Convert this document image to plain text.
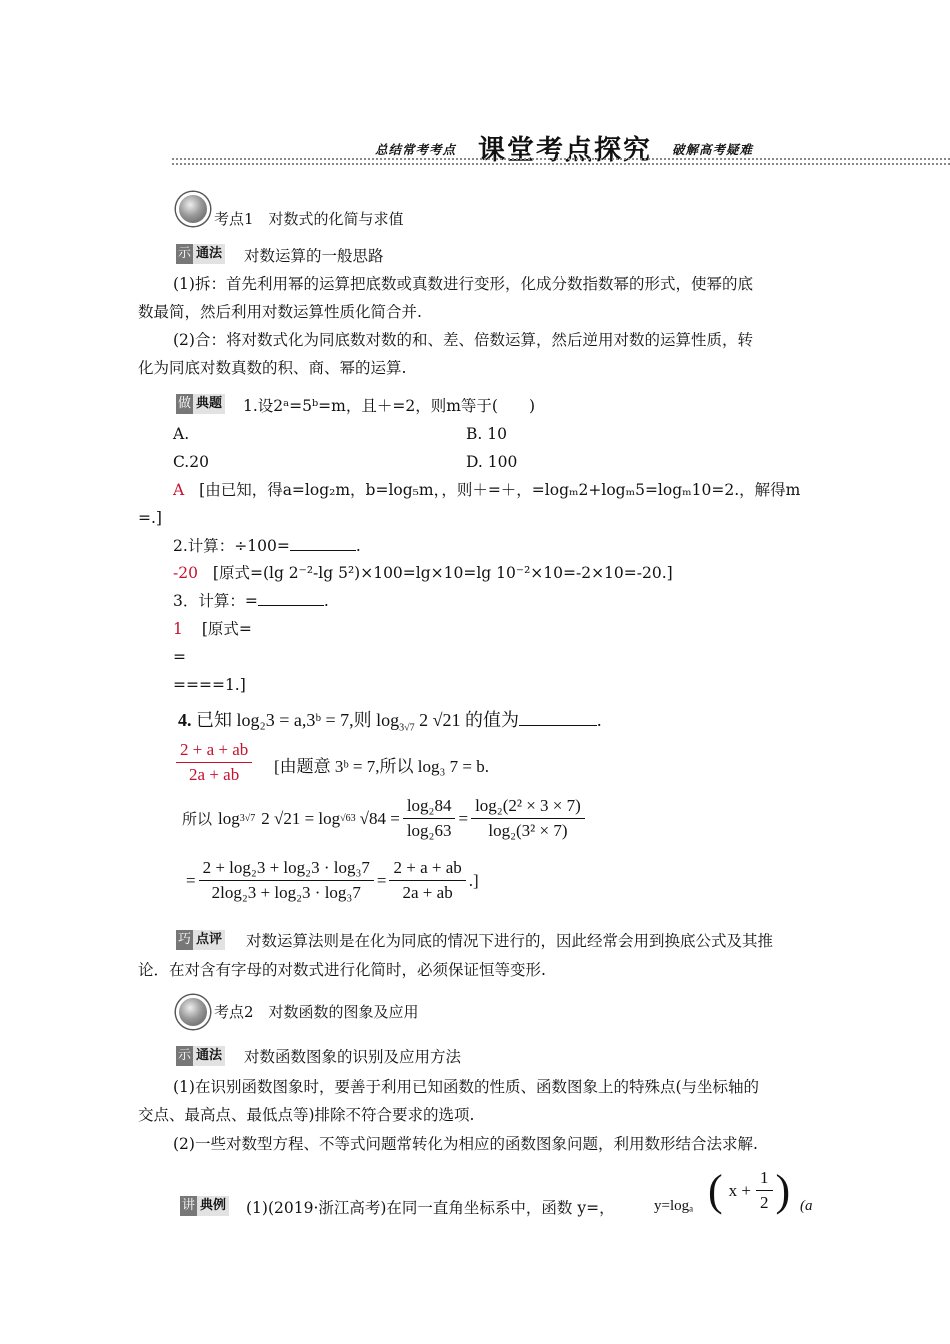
总结常考考点 课堂考点探究 破解高考疑难
考点1　对数式的化简与求值
示 通法 对数运算的一般思路
(1)拆：首先利用幂的运算把底数或真数进行变形，化成分数指数幂的形式，使幂的底
数最简，然后利用对数运算性质化简合并.
(2)合：将对数式化为同底数对数的和、差、倍数运算，然后逆用对数的运算性质，转
化为同底对数真数的积、商、幂的运算.
做 典题 1.设2ᵃ=5ᵇ=m，且＋=2，则m等于(　　)
A.	B. 10
C.20	D. 100
A [由已知，得a=log₂m，b=log₅m，，则＋=＋，=logₘ2+logₘ5=logₘ10=2.，解得m
=.]
2.计算：÷100=	.
-20 [原式=(lg 2⁻²-lg 5²)×100=lg×10=lg 10⁻²×10=-2×10=-20.]
3．计算：=	.
1 [原式=
=
====1.]
4. 已知 log₂3 = a,3ᵇ = 7,则 $\log_{3√7} 2$ √21 的值为	.
$\frac{2 + a + ab}{2a + ab}$ [由题意 3ᵇ = 7,所以 log₃ 7 = b.
所以 log 3√7 2 √21 = log √63 $√84 = \frac{\text{log₂84}}{\text{log₂63}} = \frac{\text{log₂(2² × 3 × 7)}}{\text{log₂(3² × 7)}}$
= $\frac{\text{2 + log₂3 + log₂3 · log₃7}}{\text{2log₂3 + log₂3 · log₃7}} = \frac{2 + a + ab}{2a + ab}$ .]
巧 点评 对数运算法则是在化为同底的情况下进行的，因此经常会用到换底公式及其推
论．在对含有字母的对数式进行化简时，必须保证恒等变形.
考点2　对数函数的图象及应用
示 通法 对数函数图象的识别及应用方法
(1)在识别函数图象时，要善于利用已知函数的性质、函数图象上的特殊点(与坐标轴的
交点、最高点、最低点等)排除不符合要求的选项.
(2)一些对数型方程、不等式问题常转化为相应的函数图象问题，利用数形结合法求解.
讲 典例 (1)(2019·浙江高考)在同一直角坐标系中，函数 y=，	y=logₐ ( $x + \frac{1}{2}$ ) (a
